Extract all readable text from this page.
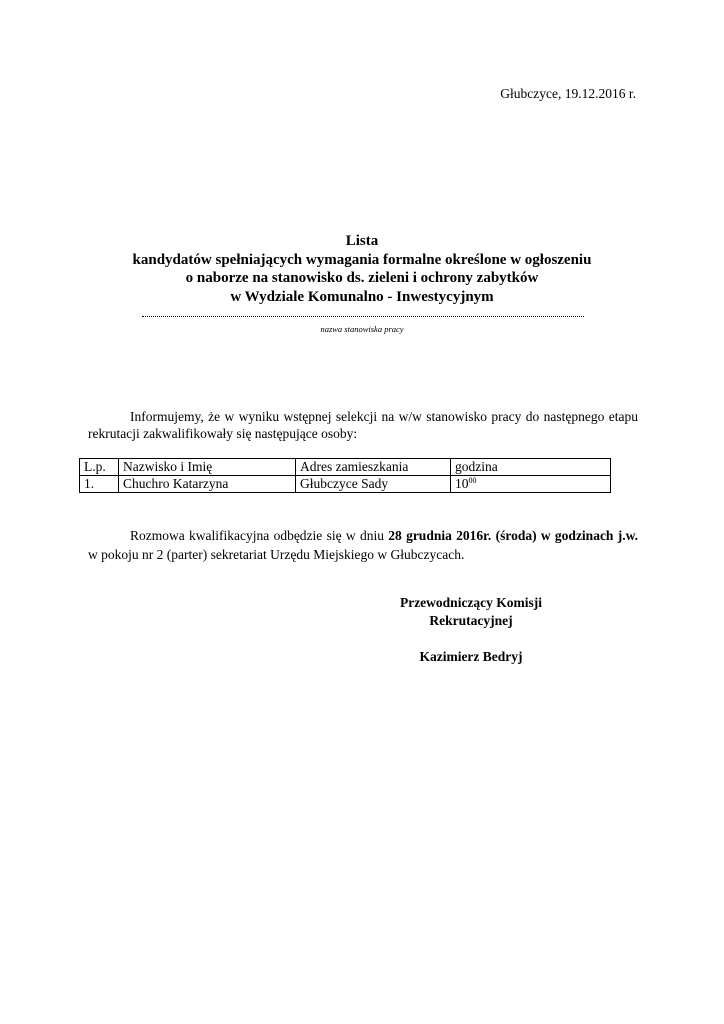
Głubczyce, 19.12.2016 r.
Lista
kandydatów spełniających wymagania formalne określone w ogłoszeniu
o naborze na stanowisko ds. zieleni i ochrony zabytków
w Wydziale Komunalno - Inwestycyjnym
nazwa stanowiska pracy
Informujemy, że w wyniku wstępnej selekcji na w/w stanowisko pracy do następnego etapu rekrutacji zakwalifikowały się następujące osoby:
L.p.	Nazwisko i Imię	Adres zamieszkania	godzina
1.	Chuchro Katarzyna	Głubczyce Sady	$10^{00}$
Rozmowa kwalifikacyjna odbędzie się w dniu 28 grudnia 2016r. (środa) w godzinach j.w. w pokoju nr 2 (parter) sekretariat Urzędu Miejskiego w Głubczycach.
Przewodniczący Komisji
Rekrutacyjnej
Kazimierz Bedryj
